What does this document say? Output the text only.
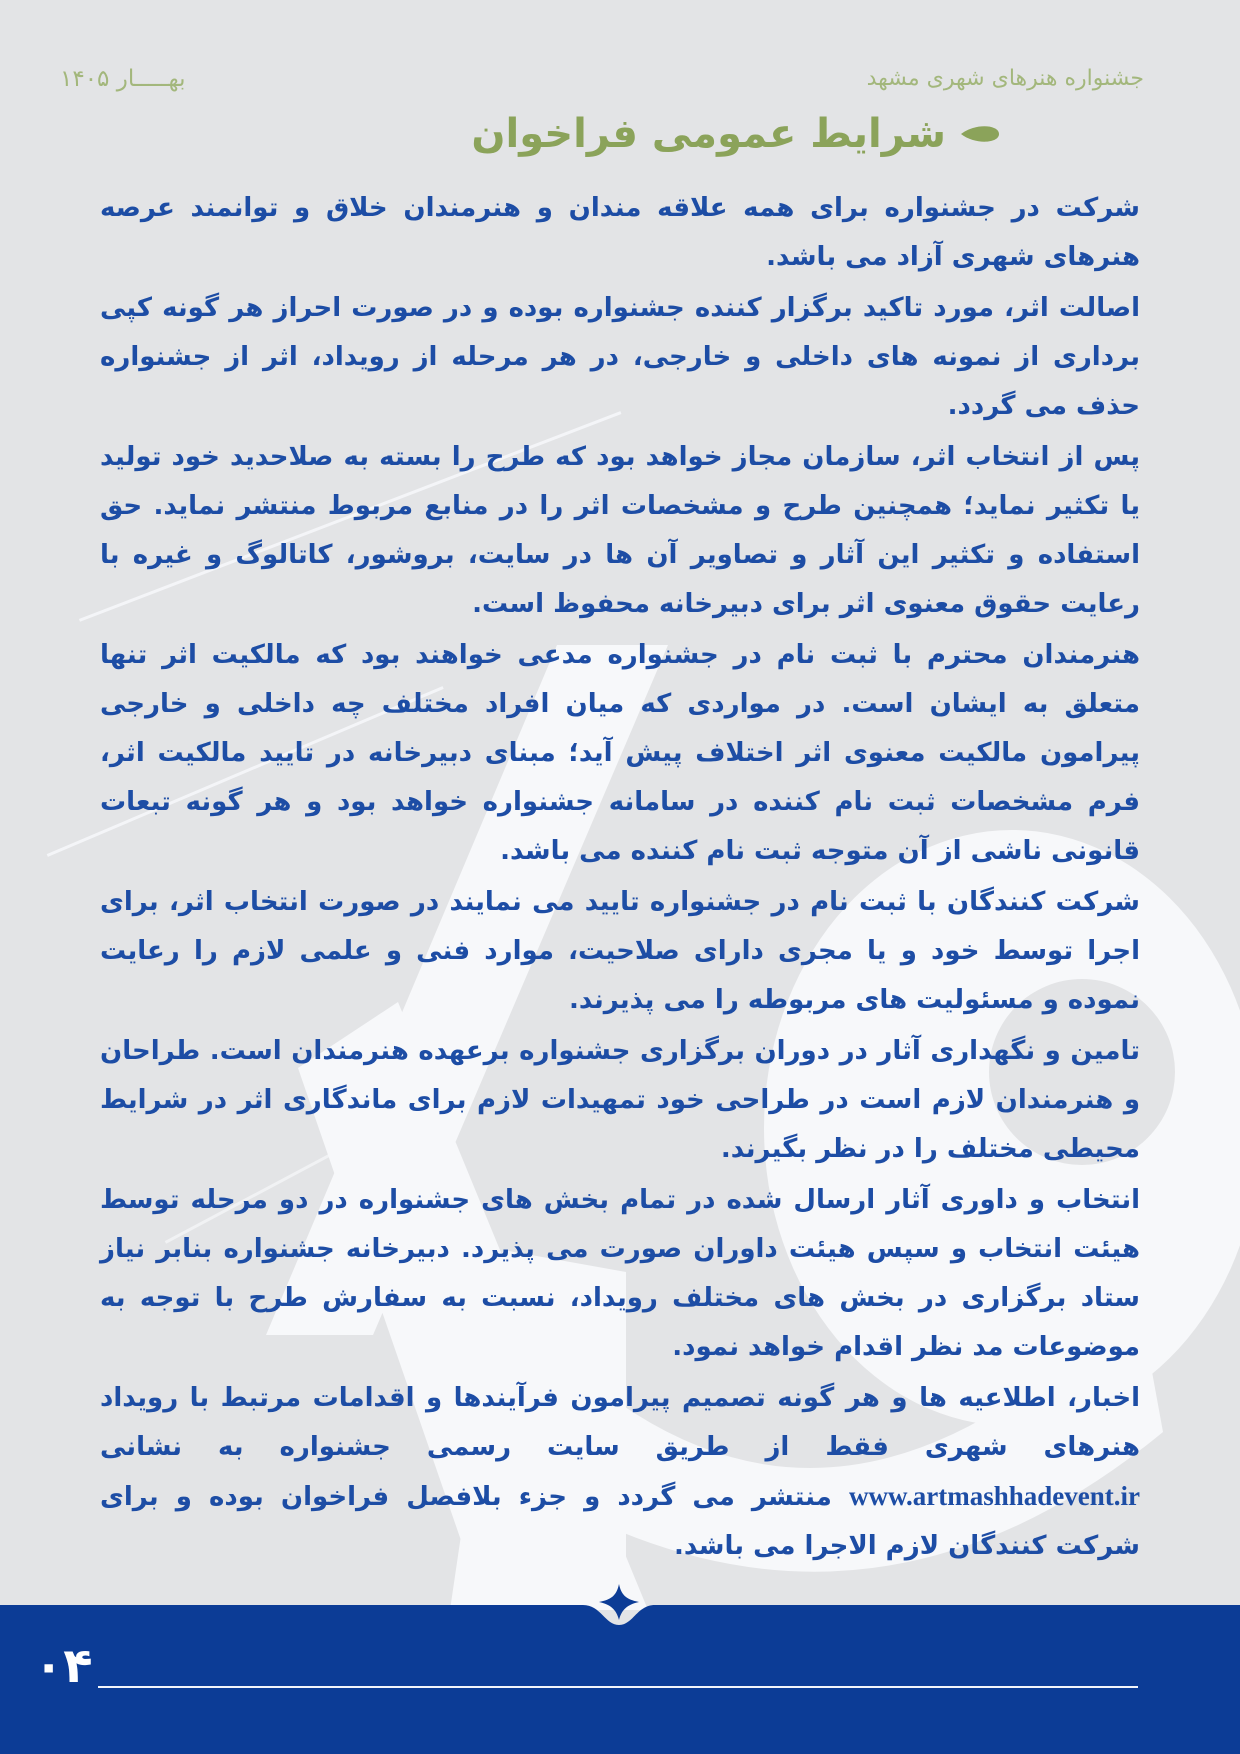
جشنواره هنرهای شهری مشهد
بهـــــار ۱۴۰۵
شرایط عمومی فراخوان

شرکت در جشنواره برای همه علاقه مندان و هنرمندان خلاق و توانمند عرصه هنرهای شهری آزاد می باشد.

اصالت اثر، مورد تاکید برگزار کننده جشنواره بوده و در صورت احراز هر گونه کپی برداری از نمونه های داخلی و خارجی، در هر مرحله از رویداد، اثر از جشنواره حذف می گردد.

پس از انتخاب اثر، سازمان مجاز خواهد بود که طرح را بسته به صلاحدید خود تولید یا تکثیر نماید؛ همچنین طرح و مشخصات اثر را در منابع مربوط منتشر نماید. حق استفاده و تکثیر این آثار و تصاویر آن ها در سایت، بروشور، کاتالوگ و غیره با رعایت حقوق معنوی اثر برای دبیرخانه محفوظ است.

هنرمندان محترم با ثبت نام در جشنواره مدعی خواهند بود که مالکیت اثر تنها متعلق به ایشان است. در مواردی که میان افراد مختلف چه داخلی و خارجی پیرامون مالکیت معنوی اثر اختلاف پیش آید؛ مبنای دبیرخانه در تایید مالکیت اثر، فرم مشخصات ثبت نام کننده در سامانه جشنواره خواهد بود و هر گونه تبعات قانونی ناشی از آن متوجه ثبت نام کننده می باشد.

شرکت کنندگان با ثبت نام در جشنواره تایید می نمایند در صورت انتخاب اثر، برای اجرا توسط خود و یا مجری دارای صلاحیت، موارد فنی و علمی لازم را رعایت نموده و مسئولیت های مربوطه را می پذیرند.

تامین و نگهداری آثار در دوران برگزاری جشنواره برعهده هنرمندان است. طراحان و هنرمندان لازم است در طراحی خود تمهیدات لازم برای ماندگاری اثر در شرایط محیطی مختلف را در نظر بگیرند.

انتخاب و داوری آثار ارسال شده در تمام بخش های جشنواره در دو مرحله توسط هیئت انتخاب و سپس هیئت داوران صورت می پذیرد. دبیرخانه جشنواره بنابر نیاز ستاد برگزاری در بخش های مختلف رویداد، نسبت به سفارش طرح با توجه به موضوعات مد نظر اقدام خواهد نمود.

اخبار، اطلاعیه ها و هر گونه تصمیم پیرامون فرآیندها و اقدامات مرتبط با رویداد هنرهای شهری فقط از طریق سایت رسمی جشنواره به نشانی www.artmashhadevent.ir منتشر می گردد و جزء بلافصل فراخوان بوده و برای شرکت کنندگان لازم الاجرا می باشد.

۰۴
